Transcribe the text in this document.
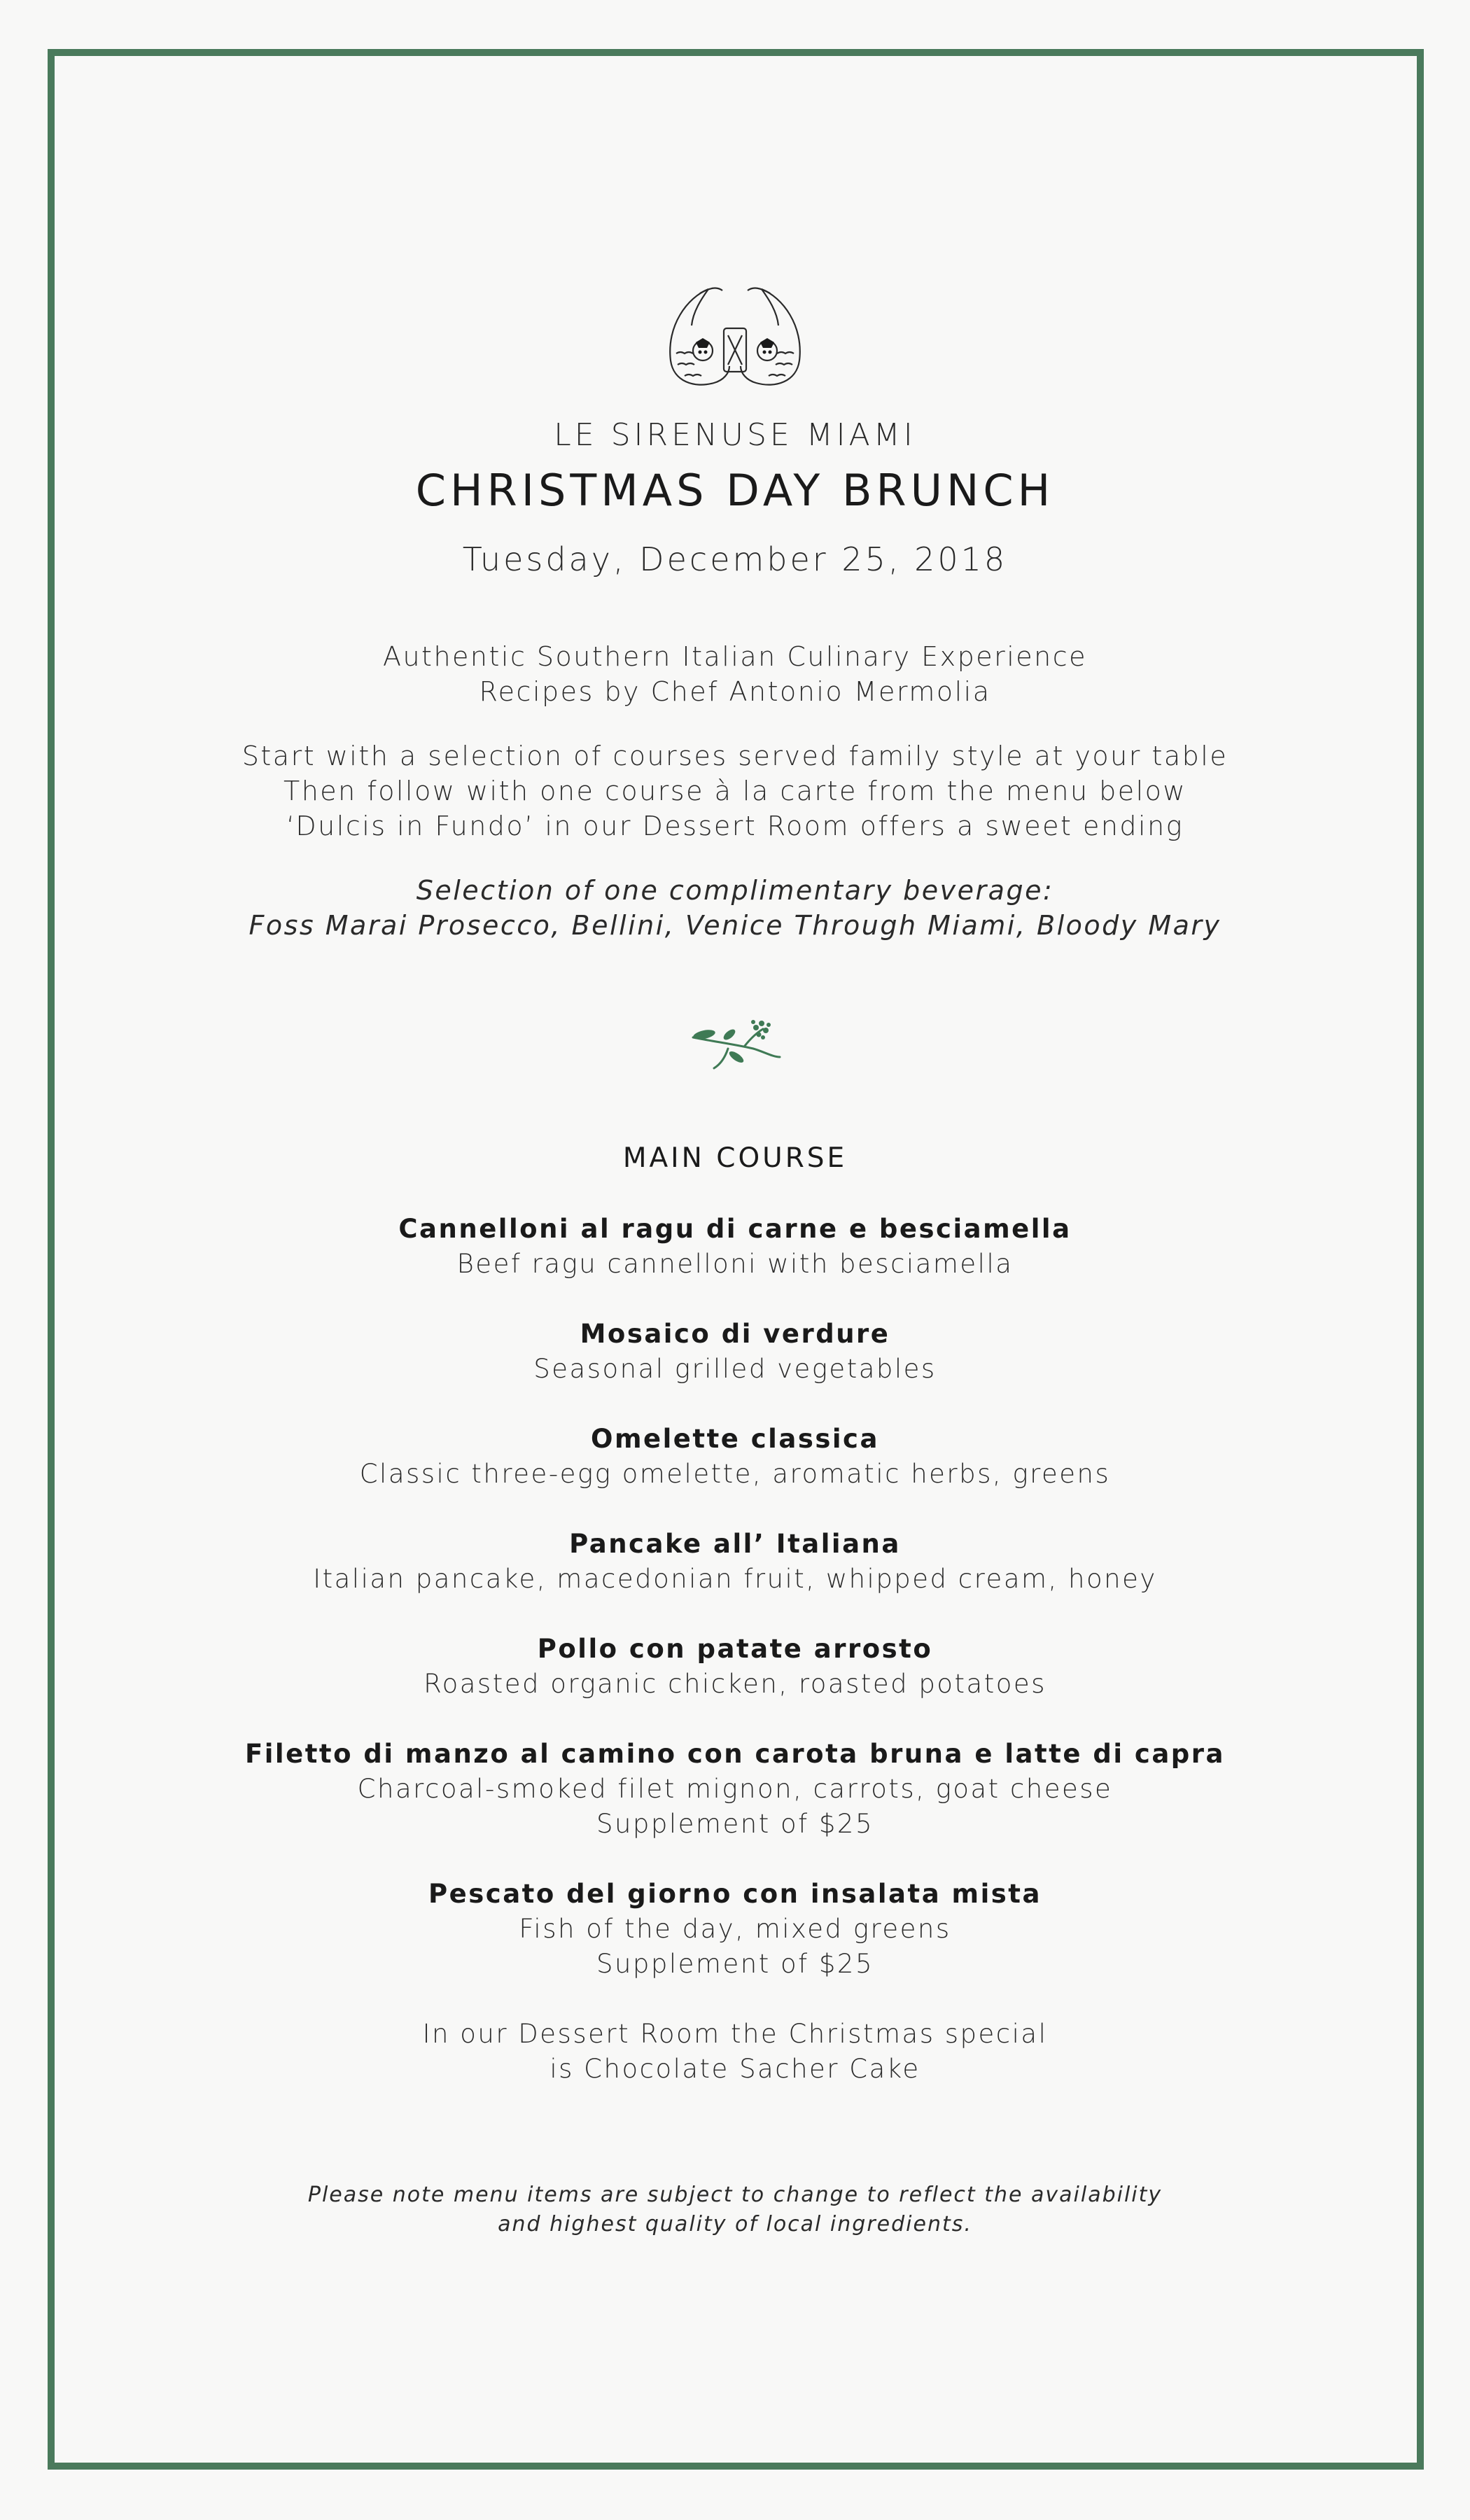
LE SIRENUSE MIAMI
CHRISTMAS DAY BRUNCH
Tuesday, December 25, 2018
Authentic Southern Italian Culinary Experience
Recipes by Chef Antonio Mermolia
Start with a selection of courses served family style at your table
Then follow with one course à la carte from the menu below
‘Dulcis in Fundo’ in our Dessert Room offers a sweet ending
Selection of one complimentary beverage:
Foss Marai Prosecco, Bellini, Venice Through Miami, Bloody Mary
MAIN COURSE
Cannelloni al ragu di carne e besciamella
Beef ragu cannelloni with besciamella
Mosaico di verdure
Seasonal grilled vegetables
Omelette classica
Classic three-egg omelette, aromatic herbs, greens
Pancake all’ Italiana
Italian pancake, macedonian fruit, whipped cream, honey
Pollo con patate arrosto
Roasted organic chicken, roasted potatoes
Filetto di manzo al camino con carota bruna e latte di capra
Charcoal-smoked filet mignon, carrots, goat cheese
Supplement of $25
Pescato del giorno con insalata mista
Fish of the day, mixed greens
Supplement of $25
In our Dessert Room the Christmas special
is Chocolate Sacher Cake
Please note menu items are subject to change to reflect the availability
and highest quality of local ingredients.
